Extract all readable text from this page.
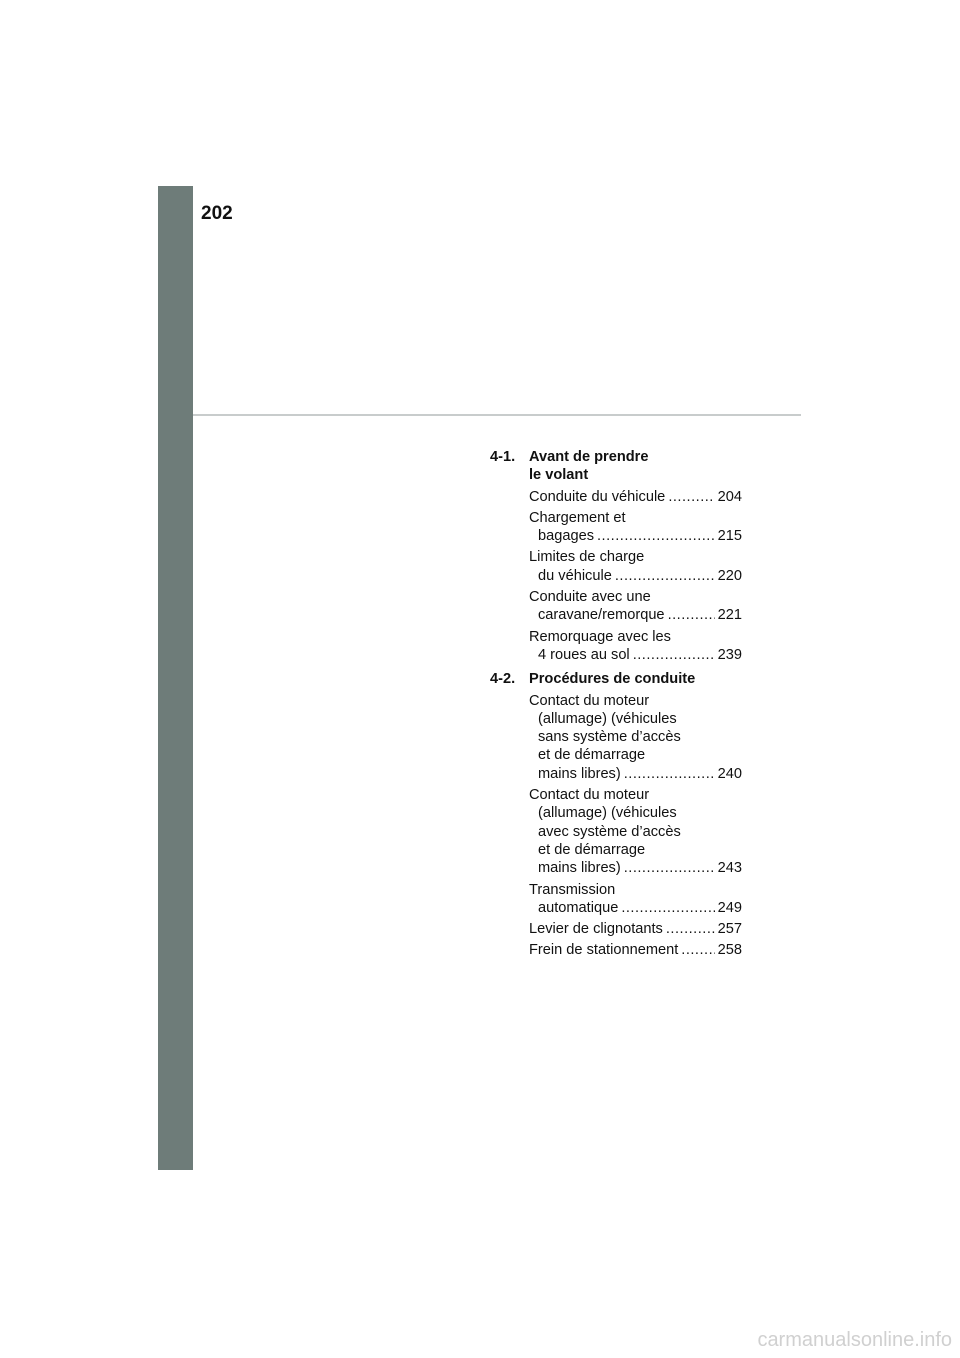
202
4-1. Avant de prendre
le volant
Conduite du véhicule .....	204
Chargement et
bagages .....	215
Limites de charge
du véhicule .....	220
Conduite avec une
caravane/remorque .....	221
Remorquage avec les
4 roues au sol .....	239
4-2. Procédures de conduite
Contact du moteur
(allumage) (véhicules
sans système d’accès
et de démarrage
mains libres) .....	240
Contact du moteur
(allumage) (véhicules
avec système d’accès
et de démarrage
mains libres) .....	243
Transmission
automatique .....	249
Levier de clignotants .....	257
Frein de stationnement .....	258
carmanualsonline.info
